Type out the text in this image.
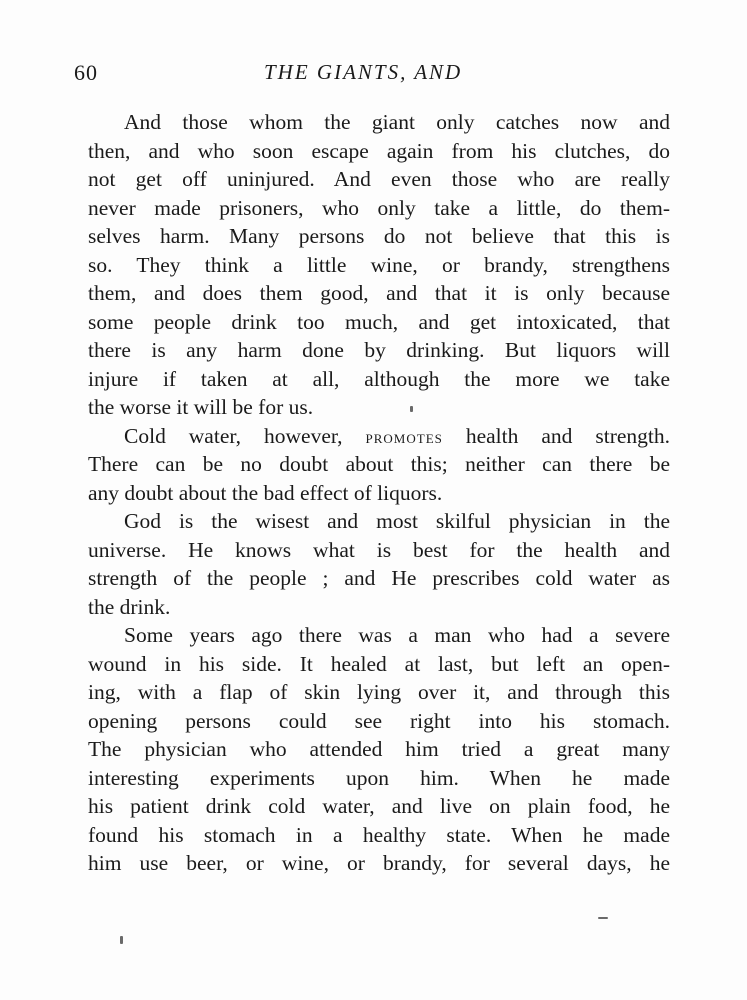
60	THE GIANTS, AND
And those whom the giant only catches now and
then, and who soon escape again from his clutches, do
not get off uninjured. And even those who are really
never made prisoners, who only take a little, do them-
selves harm. Many persons do not believe that this is
so. They think a little wine, or brandy, strengthens
them, and does them good, and that it is only because
some people drink too much, and get intoxicated, that
there is any harm done by drinking. But liquors will
injure if taken at all, although the more we take
the worse it will be for us.
Cold water, however, promotes health and strength.
There can be no doubt about this; neither can there be
any doubt about the bad effect of liquors.
God is the wisest and most skilful physician in the
universe. He knows what is best for the health and
strength of the people ; and He prescribes cold water as
the drink.
Some years ago there was a man who had a severe
wound in his side. It healed at last, but left an open-
ing, with a flap of skin lying over it, and through this
opening persons could see right into his stomach.
The physician who attended him tried a great many
interesting experiments upon him. When he made
his patient drink cold water, and live on plain food, he
found his stomach in a healthy state. When he made
him use beer, or wine, or brandy, for several days, he
